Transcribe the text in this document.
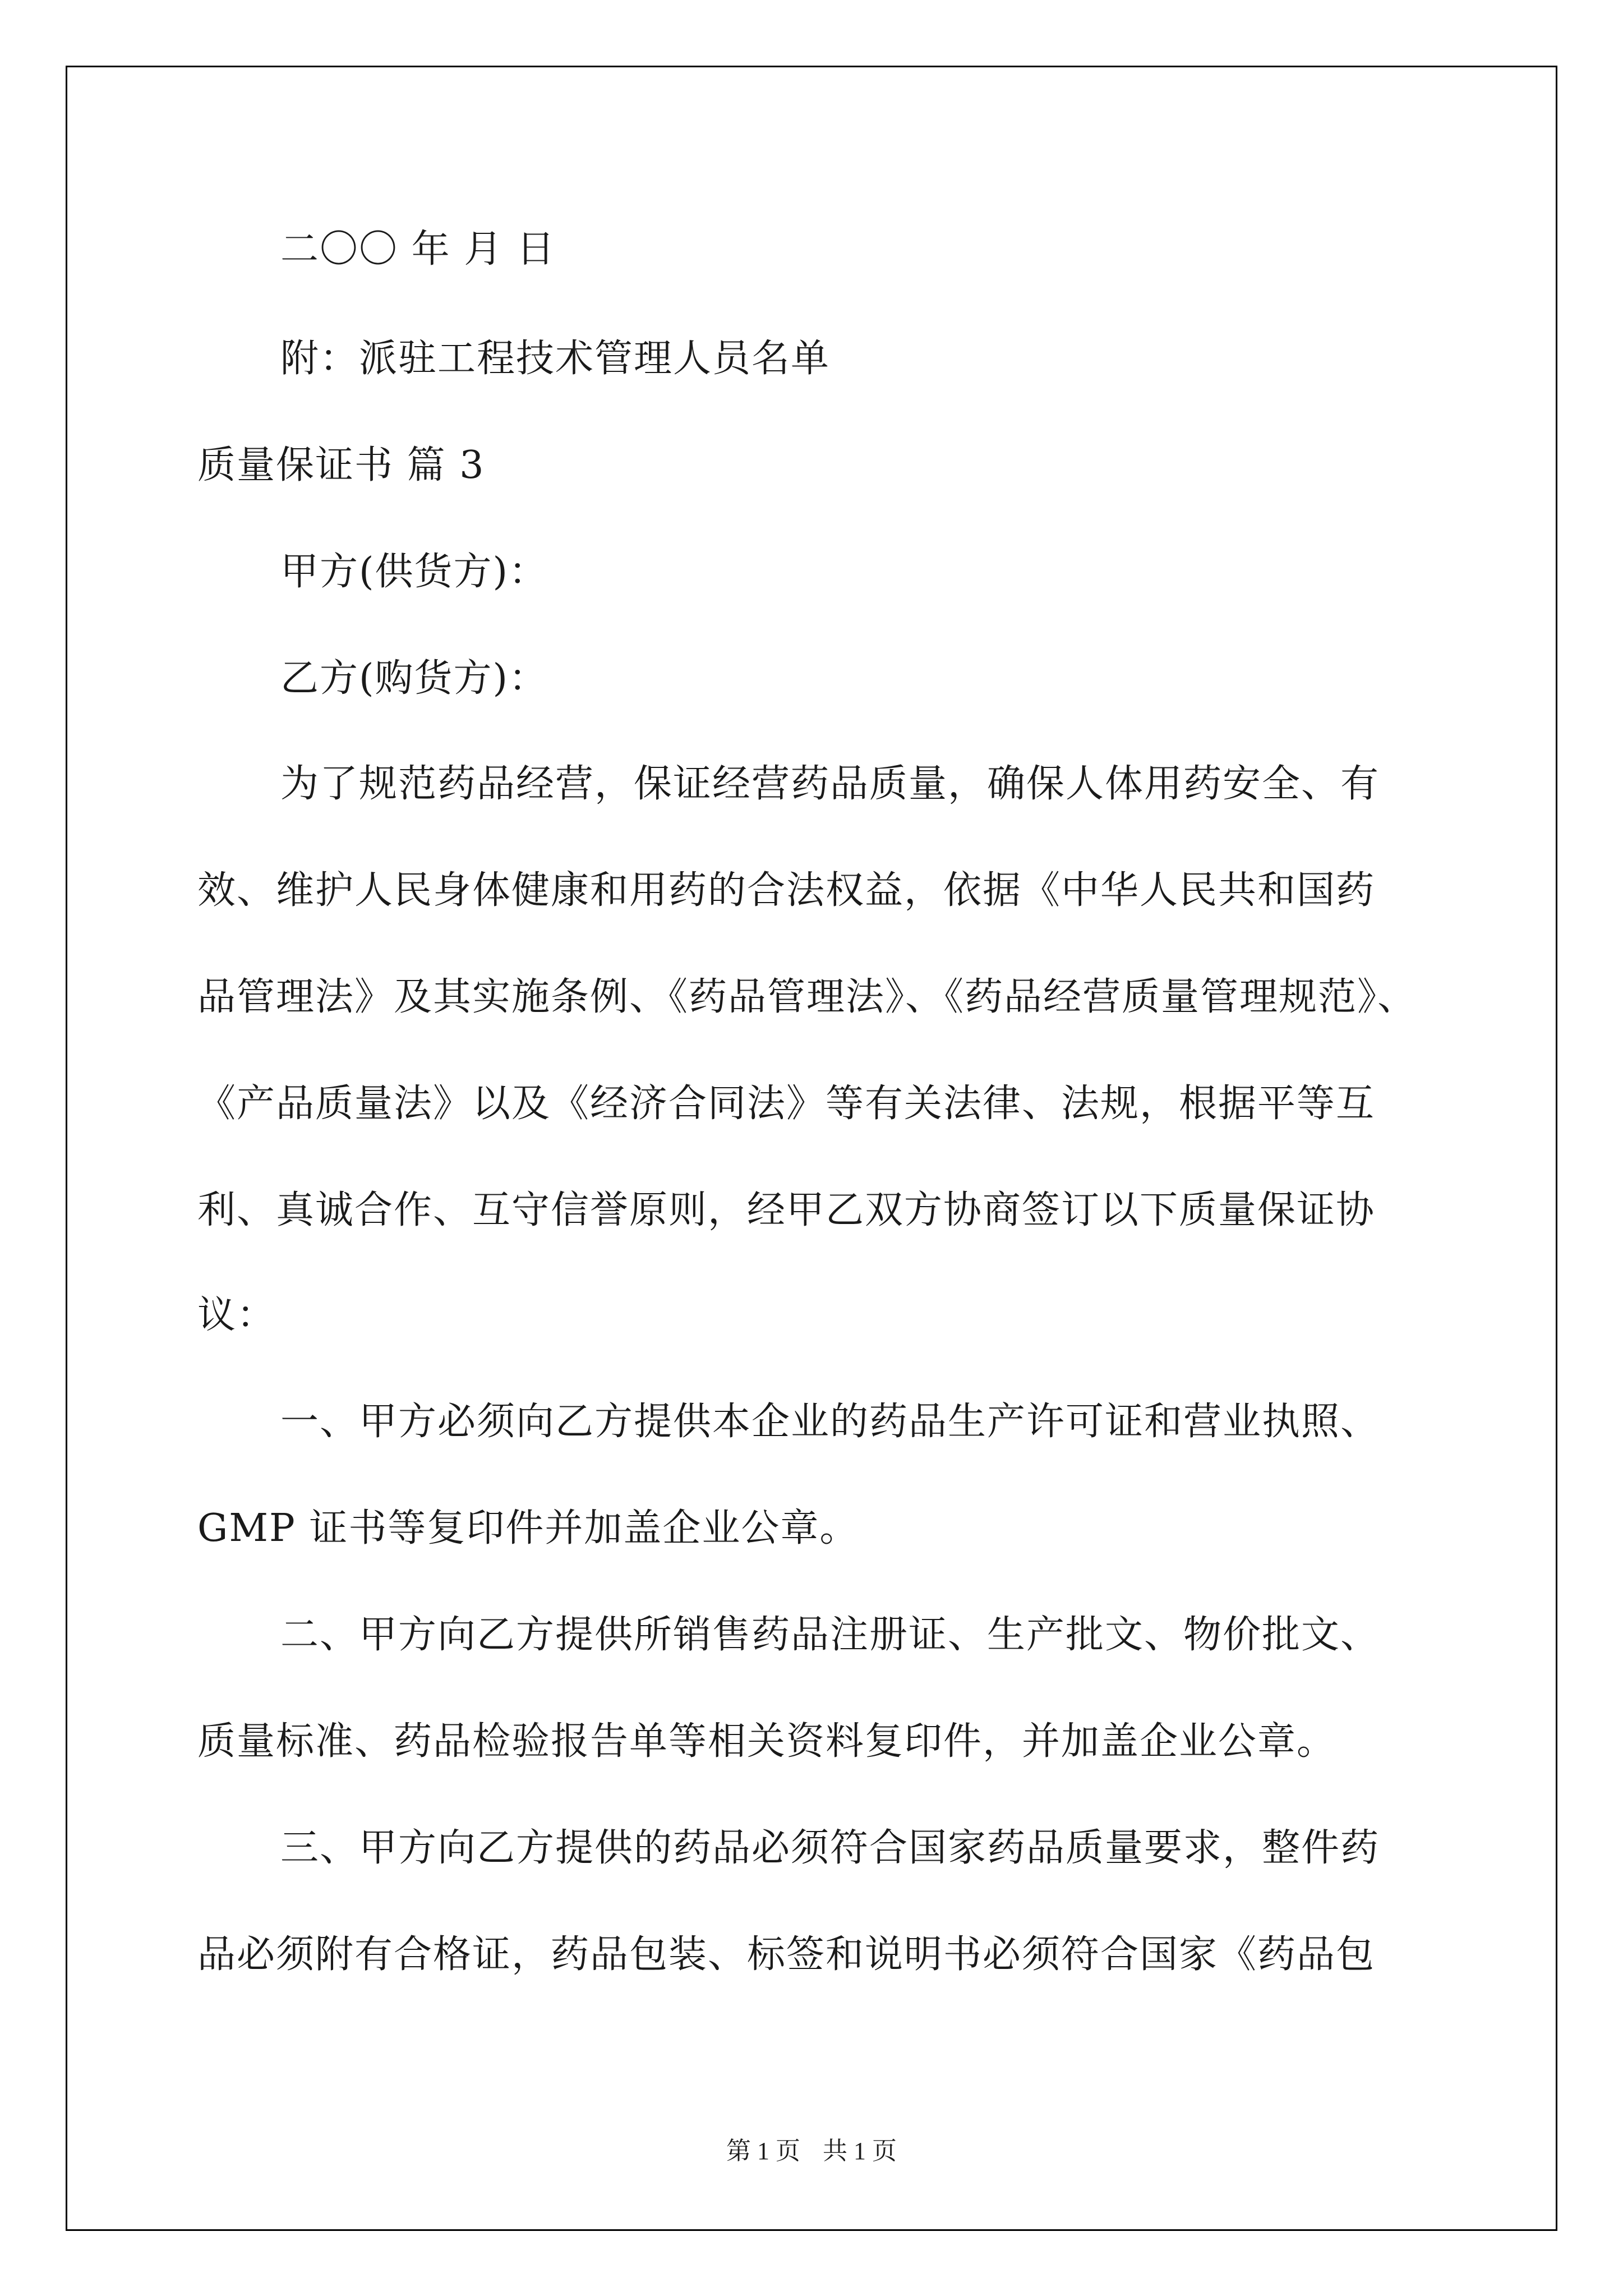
二〇〇 年 月 日
附：派驻工程技术管理人员名单
质量保证书 篇 3
甲方(供货方)：
乙方(购货方)：
为了规范药品经营，保证经营药品质量，确保人体用药安全、有
效、维护人民身体健康和用药的合法权益，依据《中华人民共和国药
品管理法》及其实施条例、《药品管理法》、《药品经营质量管理规范》、
《产品质量法》以及《经济合同法》等有关法律、法规，根据平等互
利、真诚合作、互守信誉原则，经甲乙双方协商签订以下质量保证协
议：
一、甲方必须向乙方提供本企业的药品生产许可证和营业执照、
GMP 证书等复印件并加盖企业公章。
二、甲方向乙方提供所销售药品注册证、生产批文、物价批文、
质量标准、药品检验报告单等相关资料复印件，并加盖企业公章。
三、甲方向乙方提供的药品必须符合国家药品质量要求，整件药
品必须附有合格证，药品包装、标签和说明书必须符合国家《药品包
第 1 页 共 1 页
